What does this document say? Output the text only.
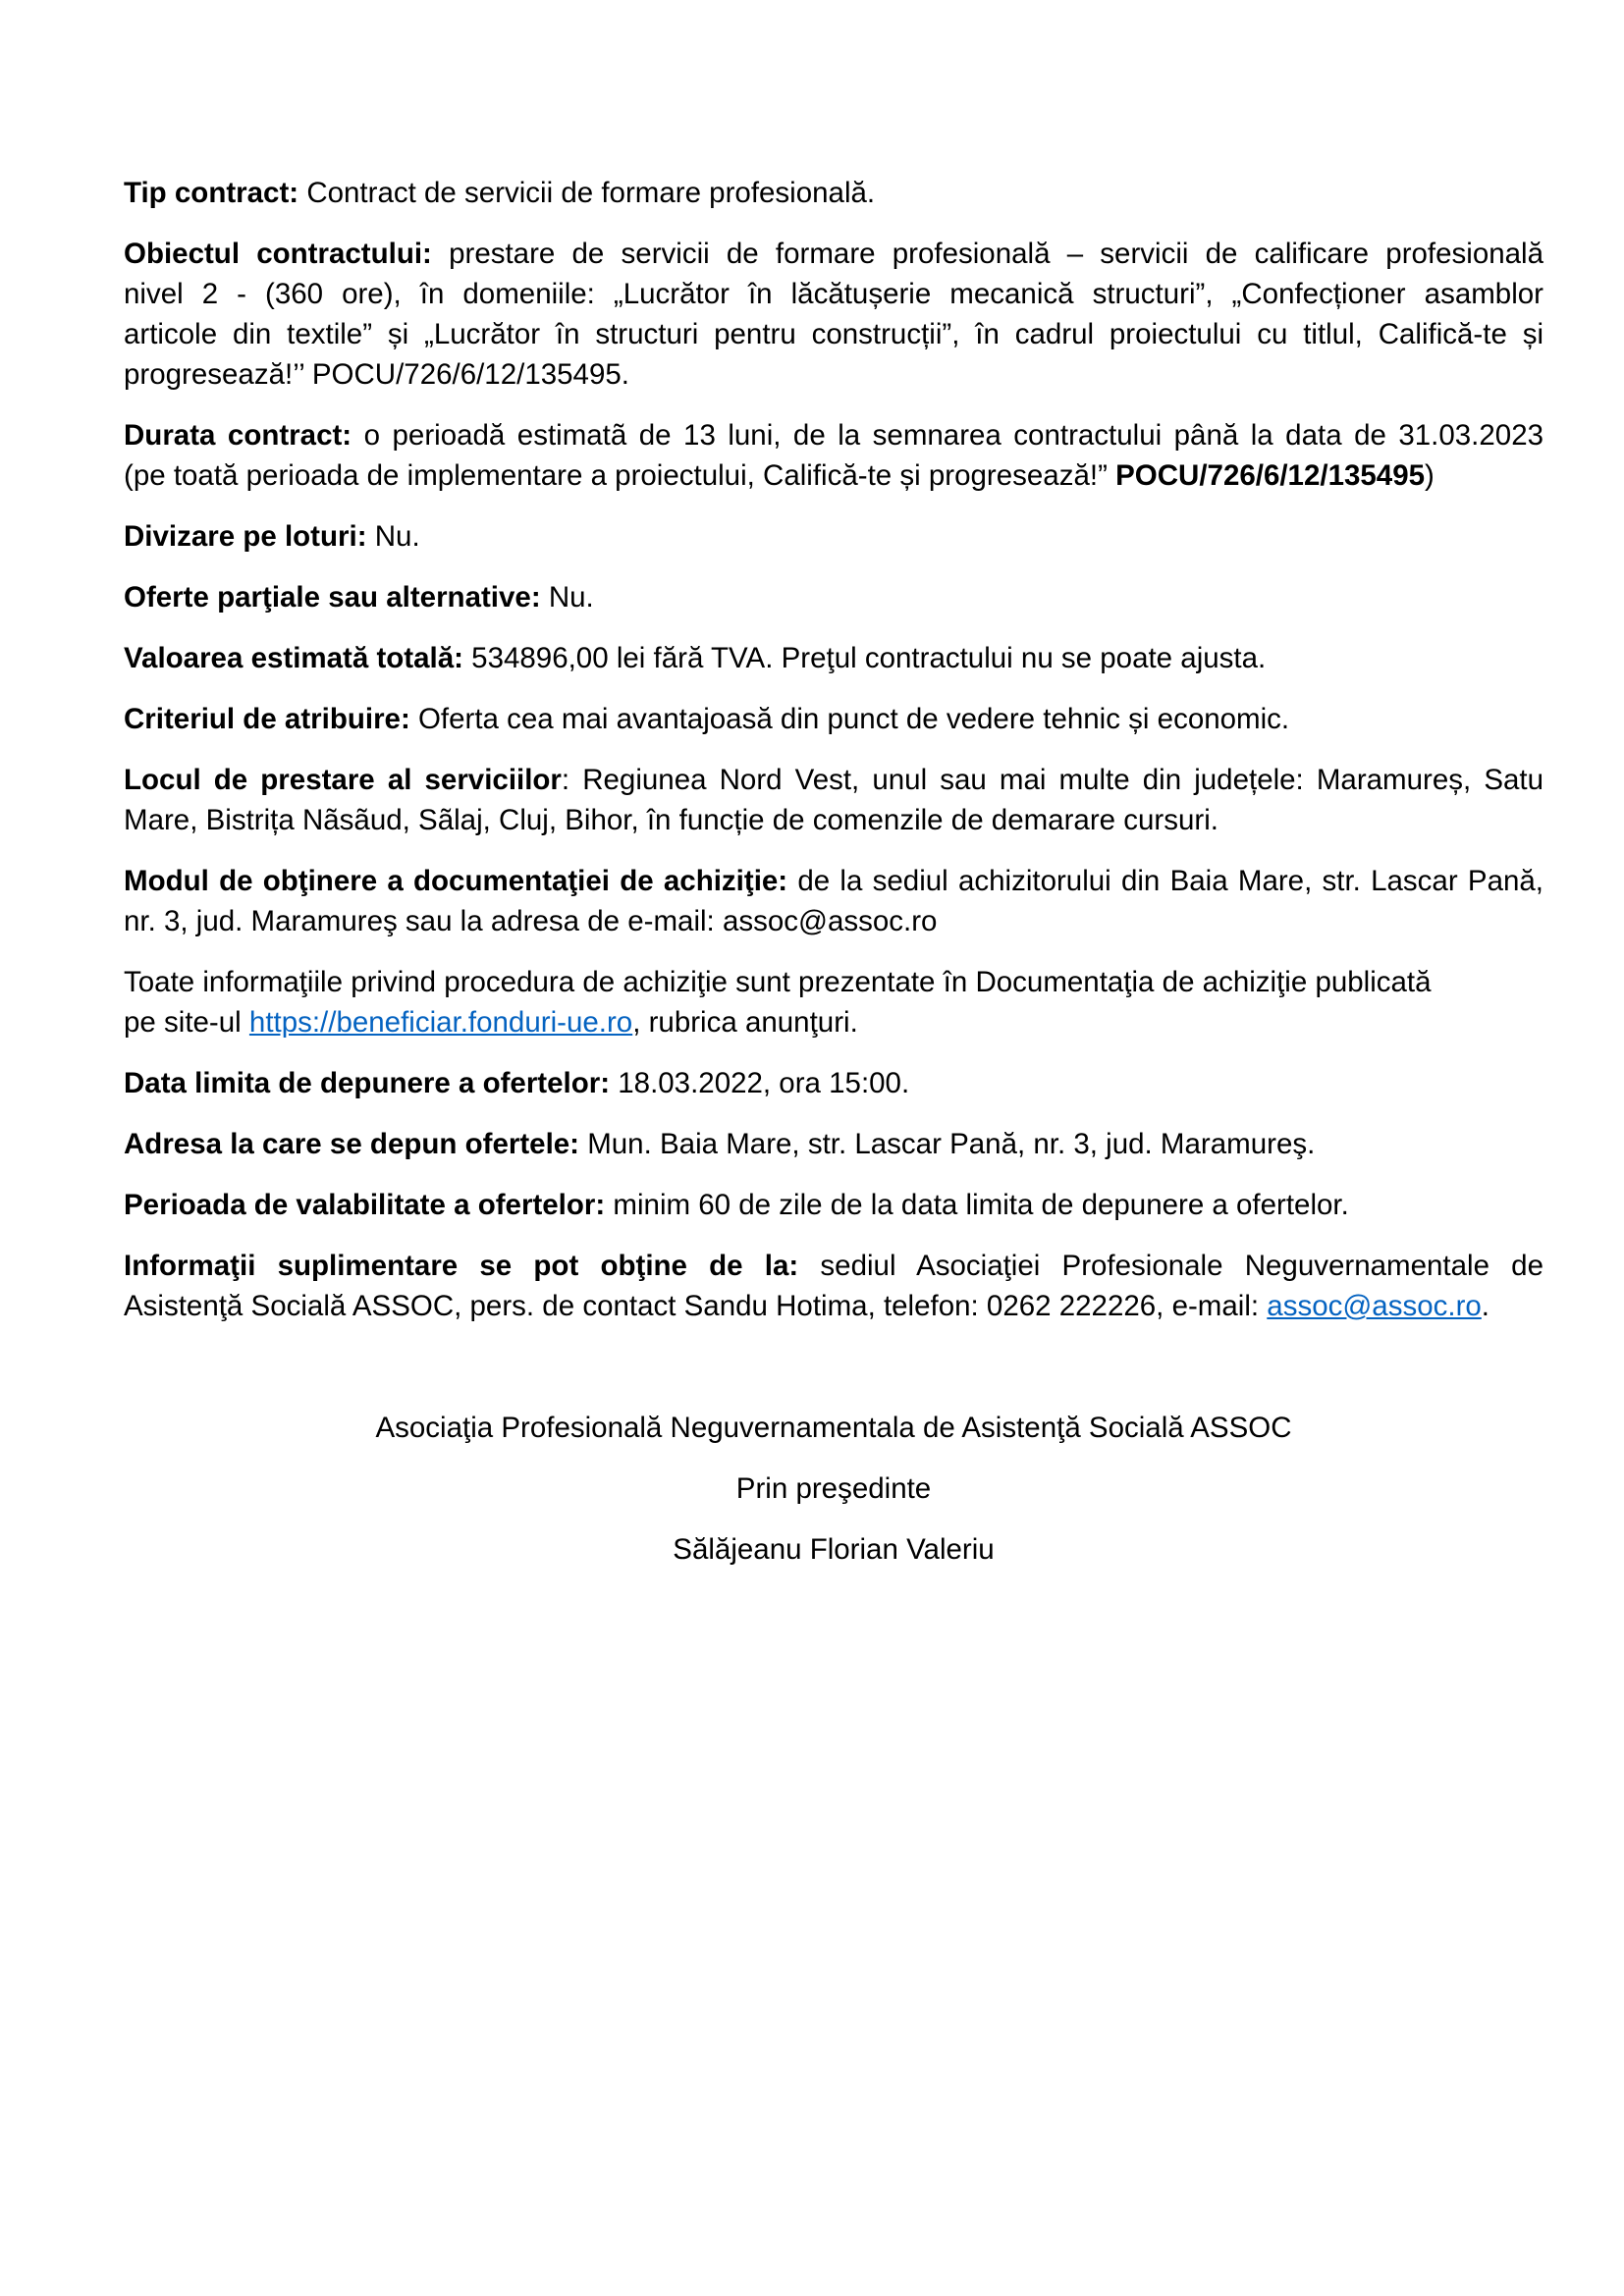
Tip contract: Contract de servicii de formare profesională.
Obiectul contractului: prestare de servicii de formare profesională – servicii de calificare profesională
nivel 2 - (360 ore), în domeniile: „Lucrător în lăcătușerie mecanică structuri”, „Confecționer asamblor
articole din textile” și „Lucrător în structuri pentru construcții”, în cadrul proiectului cu titlul, Califică-te și
progresează!’’ POCU/726/6/12/135495.
Durata contract: o perioadă estimatã de 13 luni, de la semnarea contractului până la data de 31.03.2023
(pe toată perioada de implementare a proiectului, Califică-te și progresează!” POCU/726/6/12/135495)
Divizare pe loturi: Nu.
Oferte parţiale sau alternative: Nu.
Valoarea estimată totală: 534896,00 lei fără TVA. Preţul contractului nu se poate ajusta.
Criteriul de atribuire: Oferta cea mai avantajoasă din punct de vedere tehnic și economic.
Locul de prestare al serviciilor: Regiunea Nord Vest, unul sau mai multe din județele: Maramureș, Satu
Mare, Bistrița Nãsãud, Sãlaj, Cluj, Bihor, în funcție de comenzile de demarare cursuri.
Modul de obţinere a documentaţiei de achiziţie: de la sediul achizitorului din Baia Mare, str. Lascar Pană,
nr. 3, jud. Maramureş sau la adresa de e-mail: assoc@assoc.ro
Toate informaţiile privind procedura de achiziţie sunt prezentate în Documentaţia de achiziţie publicată
pe site-ul https://beneficiar.fonduri-ue.ro, rubrica anunţuri.
Data limita de depunere a ofertelor: 18.03.2022, ora 15:00.
Adresa la care se depun ofertele: Mun. Baia Mare, str. Lascar Pană, nr. 3, jud. Maramureş.
Perioada de valabilitate a ofertelor: minim 60 de zile de la data limita de depunere a ofertelor.
Informaţii suplimentare se pot obţine de la: sediul Asociaţiei Profesionale Neguvernamentale de
Asistenţă Socială ASSOC, pers. de contact Sandu Hotima, telefon: 0262 222226, e-mail: assoc@assoc.ro.
Asociaţia Profesională Neguvernamentala de Asistenţă Socială ASSOC
Prin preşedinte
Sălăjeanu Florian Valeriu
